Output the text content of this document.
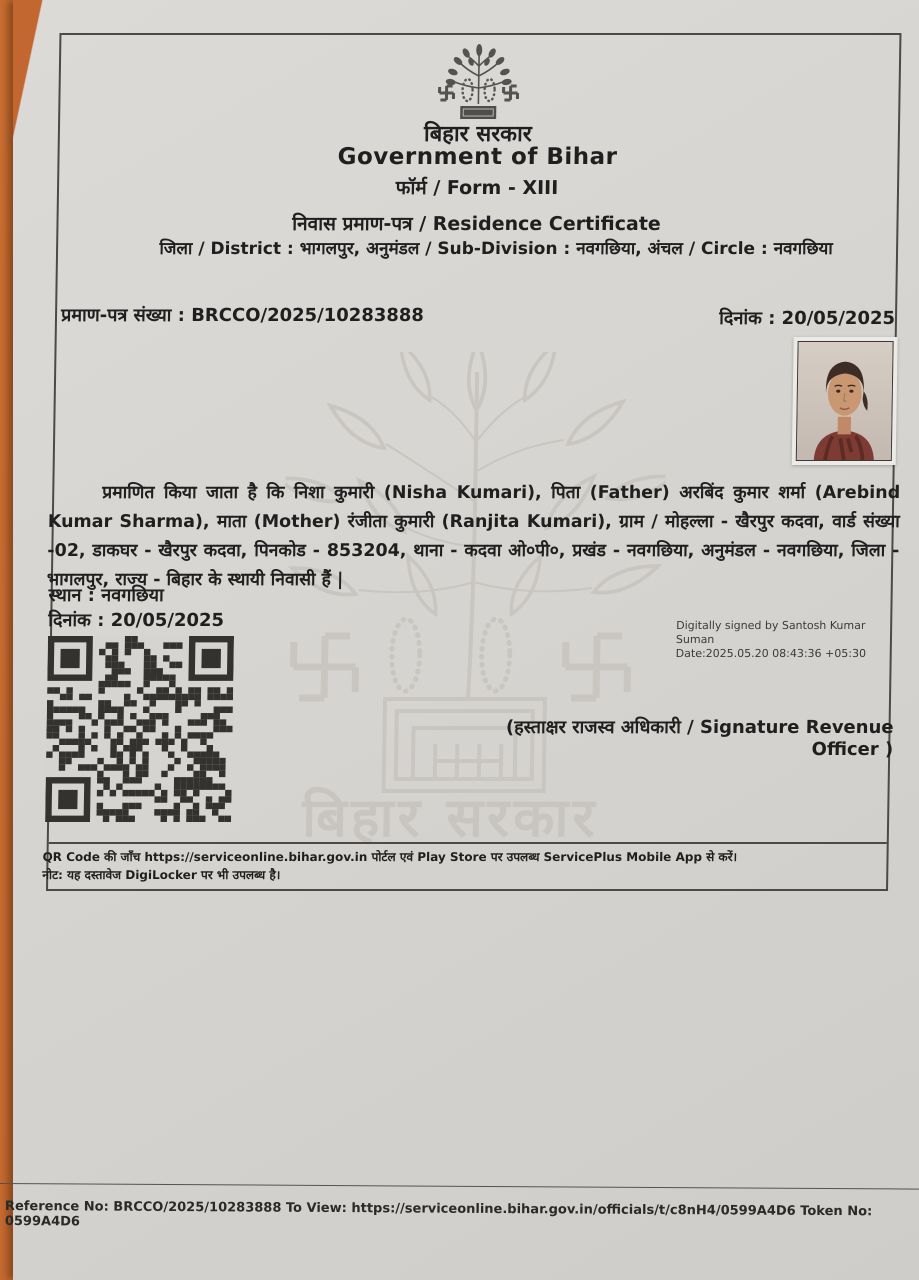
बिहार सरकार
बिहार सरकार
Government of Bihar
फॉर्म / Form - XIII
निवास प्रमाण-पत्र / Residence Certificate
जिला / District : भागलपुर, अनुमंडल / Sub-Division : नवगछिया, अंचल / Circle : नवगछिया
प्रमाण-पत्र संख्या : BRCCO/2025/10283888	दिनांक : 20/05/2025
प्रमाणित किया जाता है कि निशा कुमारी (Nisha Kumari), पिता (Father) अरबिंद कुमार शर्मा (Arebind Kumar Sharma), माता (Mother) रंजीता कुमारी (Ranjita Kumari), ग्राम / मोहल्ला - खैरपुर कदवा, वार्ड संख्या -02, डाकघर - खैरपुर कदवा, पिनकोड - 853204, थाना - कदवा ओ०पी०, प्रखंड - नवगछिया, अनुमंडल - नवगछिया, जिला - भागलपुर, राज्य - बिहार के स्थायी निवासी हैं |
स्थान : नवगछिया
दिनांक : 20/05/2025	Digitally signed by Santosh Kumar Suman
Date:2025.05.20 08:43:36 +05:30
(हस्ताक्षर राजस्व अधिकारी / Signature Revenue Officer )
QR Code की जाँच https://serviceonline.bihar.gov.in पोर्टल एवं Play Store पर उपलब्ध ServicePlus Mobile App से करें।
नोट: यह दस्तावेज DigiLocker पर भी उपलब्ध है।
Reference No: BRCCO/2025/10283888 To View: https://serviceonline.bihar.gov.in/officials/t/c8nH4/0599A4D6 Token No: 0599A4D6
